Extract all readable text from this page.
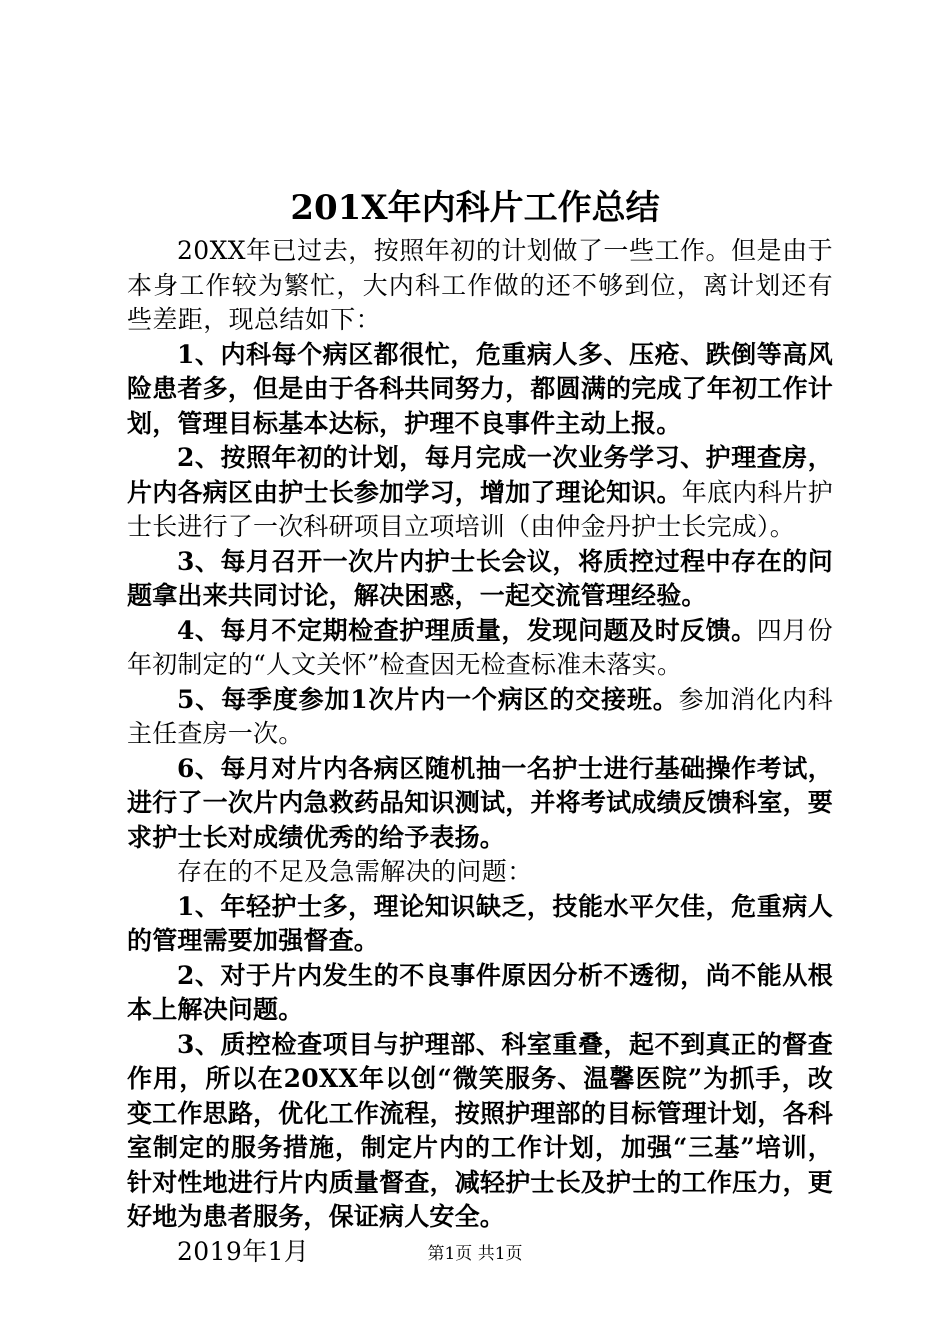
201X年内科片工作总结

20XX年已过去，按照年初的计划做了一些工作。但是由于本身工作较为繁忙，大内科工作做的还不够到位，离计划还有些差距，现总结如下：

1、内科每个病区都很忙，危重病人多、压疮、跌倒等高风险患者多，但是由于各科共同努力，都圆满的完成了年初工作计划，管理目标基本达标，护理不良事件主动上报。

2、按照年初的计划，每月完成一次业务学习、护理查房，片内各病区由护士长参加学习，增加了理论知识。年底内科片护士长进行了一次科研项目立项培训（由仲金丹护士长完成）。

3、每月召开一次片内护士长会议，将质控过程中存在的问题拿出来共同讨论，解决困惑，一起交流管理经验。

4、每月不定期检查护理质量，发现问题及时反馈。四月份年初制定的“人文关怀”检查因无检查标准未落实。

5、每季度参加1次片内一个病区的交接班。参加消化内科主任查房一次。

6、每月对片内各病区随机抽一名护士进行基础操作考试，进行了一次片内急救药品知识测试，并将考试成绩反馈科室，要求护士长对成绩优秀的给予表扬。

存在的不足及急需解决的问题：

1、年轻护士多，理论知识缺乏，技能水平欠佳，危重病人的管理需要加强督查。

2、对于片内发生的不良事件原因分析不透彻，尚不能从根本上解决问题。

3、质控检查项目与护理部、科室重叠，起不到真正的督查作用，所以在20XX年以创“微笑服务、温馨医院”为抓手，改变工作思路，优化工作流程，按照护理部的目标管理计划，各科室制定的服务措施，制定片内的工作计划，加强“三基”培训，针对性地进行片内质量督查，减轻护士长及护士的工作压力，更好地为患者服务，保证病人安全。

2019年1月	第1页 共1页
